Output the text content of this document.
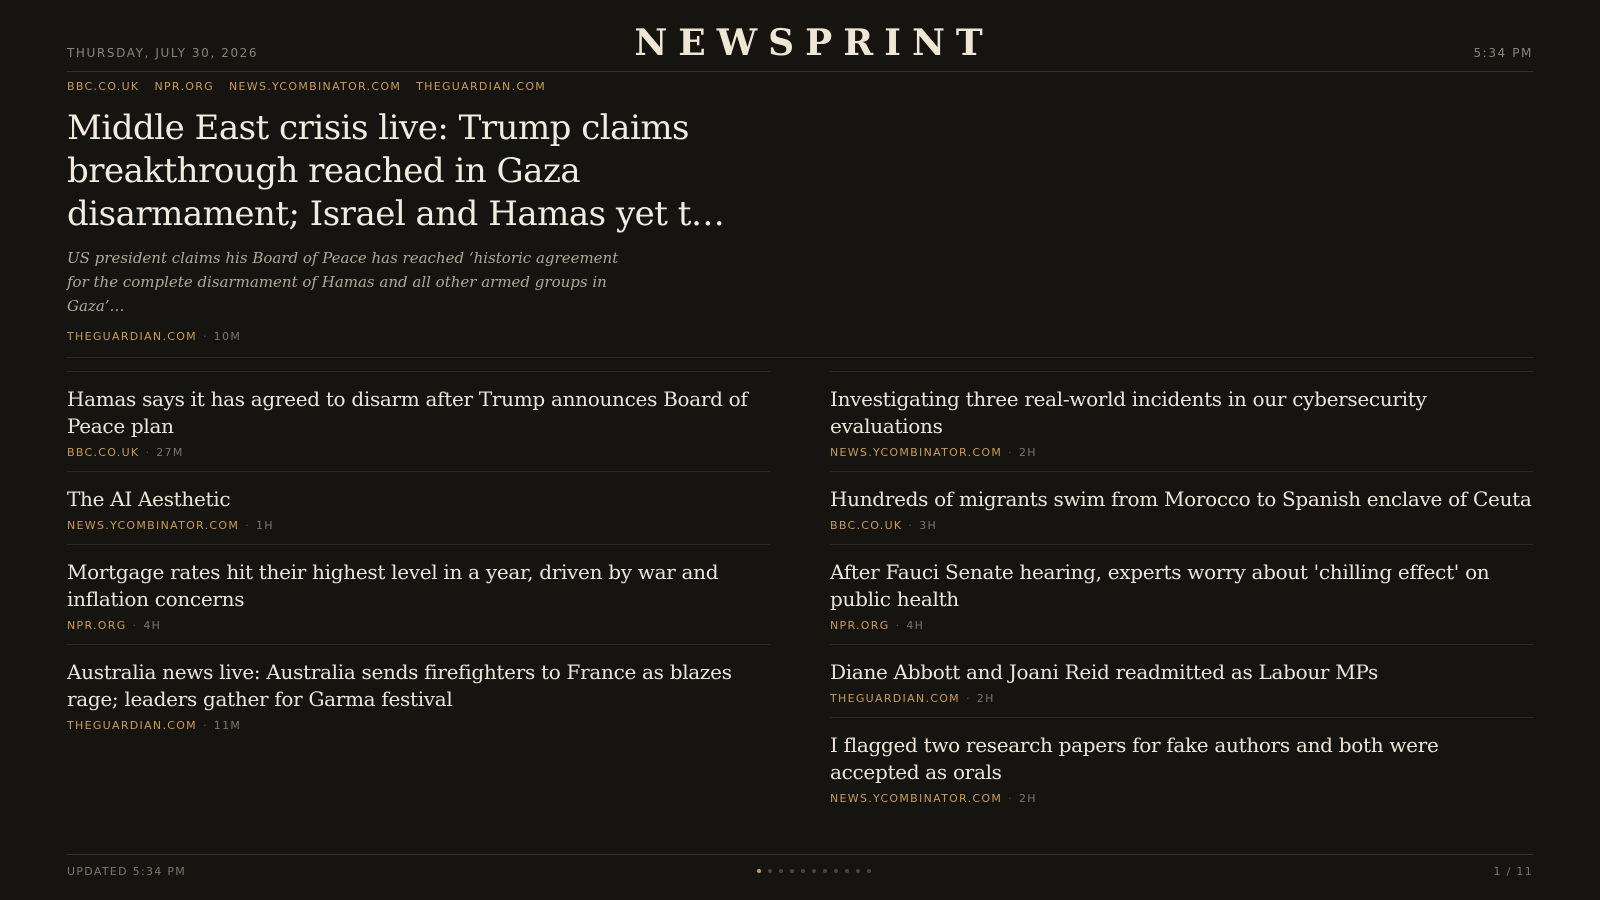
THURSDAY, JULY 30, 2026	NEWSPRINT	5:34 PM
BBC.CO.UK NPR.ORG NEWS.YCOMBINATOR.COM THEGUARDIAN.COM
Middle East crisis live: Trump claims breakthrough reached in Gaza disarmament; Israel and Hamas yet t…

US president claims his Board of Peace has reached ‘historic agreement for the complete disarmament of Hamas and all other armed groups in Gaza’…

THEGUARDIAN.COM · 10M
Hamas says it has agreed to disarm after Trump announces Board of Peace plan
BBC.CO.UK · 27M
The AI Aesthetic
NEWS.YCOMBINATOR.COM · 1H
Mortgage rates hit their highest level in a year, driven by war and inflation concerns
NPR.ORG · 4H
Australia news live: Australia sends firefighters to France as blazes rage; leaders gather for Garma festival
THEGUARDIAN.COM · 11M
Investigating three real-world incidents in our cybersecurity evaluations
NEWS.YCOMBINATOR.COM · 2H
Hundreds of migrants swim from Morocco to Spanish enclave of Ceuta
BBC.CO.UK · 3H
After Fauci Senate hearing, experts worry about 'chilling effect' on public health
NPR.ORG · 4H
Diane Abbott and Joani Reid readmitted as Labour MPs
THEGUARDIAN.COM · 2H
I flagged two research papers for fake authors and both were accepted as orals
NEWS.YCOMBINATOR.COM · 2H
UPDATED 5:34 PM	1 / 11
